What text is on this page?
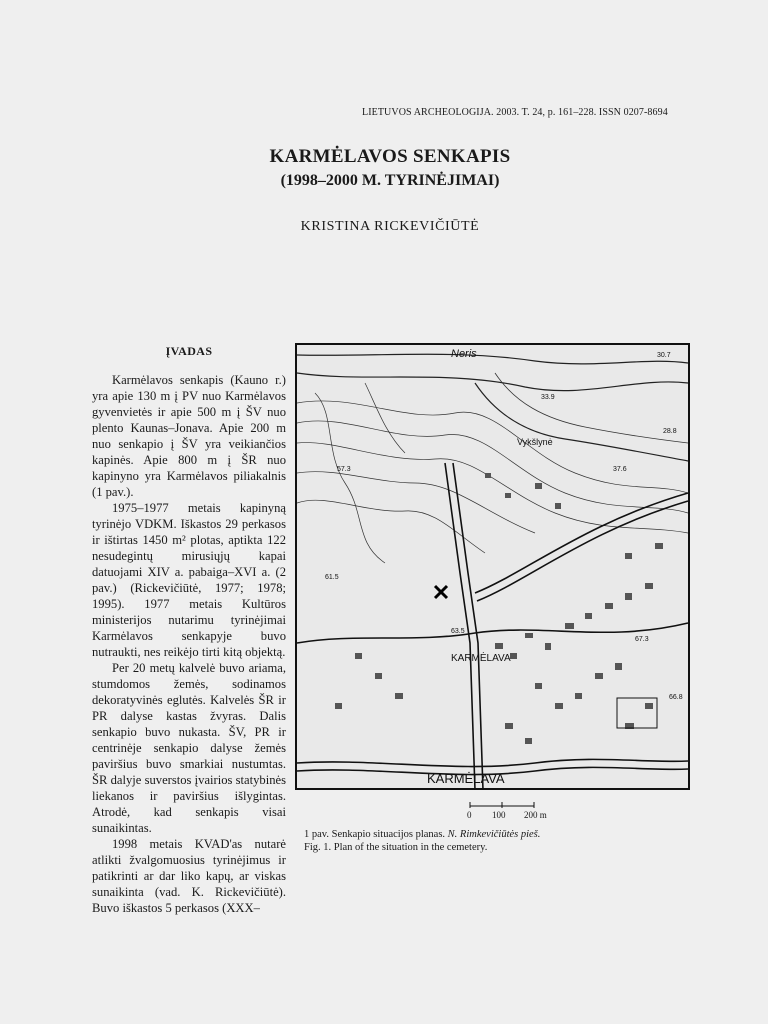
LIETUVOS ARCHEOLOGIJA. 2003. T. 24, p. 161–228. ISSN 0207-8694
KARMĖLAVOS SENKAPIS
(1998–2000 M. TYRINĖJIMAI)
KRISTINA RICKEVIČIŪTĖ
ĮVADAS

Karmėlavos senkapis (Kauno r.) yra apie 130 m į PV nuo Karmėlavos gyvenvietės ir apie 500 m į ŠV nuo plento Kaunas–Jonava. Apie 200 m nuo senkapio į ŠV yra veikiančios kapinės. Apie 800 m į ŠR nuo kapinyno yra Karmėlavos piliakalnis (1 pav.).

1975–1977 metais kapinyną tyrinėjo VDKM. Iškastos 29 perkasos ir ištirtas 1450 m² plotas, aptikta 122 nesudegintų mirusiųjų kapai datuojami XIV a. pabaiga–XVI a. (2 pav.) (Rickevičiūtė, 1977; 1978; 1995). 1977 metais Kultūros ministerijos nutarimu tyrinėjimai Karmėlavos senkapyje buvo nutraukti, nes reikėjo tirti kitą objektą.

Per 20 metų kalvelė buvo ariama, stumdomos žemės, sodinamos dekoratyvinės eglutės. Kalvelės ŠR ir PR dalyse kastas žvyras. Dalis senkapio buvo nukasta. ŠV, PR ir centrinėje senkapio dalyse žemės paviršius buvo smarkiai nustumtas. ŠR dalyje suverstos įvairios statybinės liekanos ir paviršius išlygintas. Atrodė, kad senkapis visai sunaikintas.

1998 metais KVAD'as nutarė atlikti žvalgomuosius tyrinėjimus ir patikrinti ar dar liko kapų, ar viskas sunaikinta (vad. K. Rickevičiūtė). Buvo iškastos 5 perkasos (XXX–

Neris	30.7
33.9
28.8
37.6
57.3
63.5
66.8
61.5
67.3
Vykšlynė
KARMĖLAVA
KARMĖLAVA
0 100 200 m
1 pav. Senkapio situacijos planas. N. Rimkevičiūtės pieš.
Fig. 1. Plan of the situation in the cemetery.
